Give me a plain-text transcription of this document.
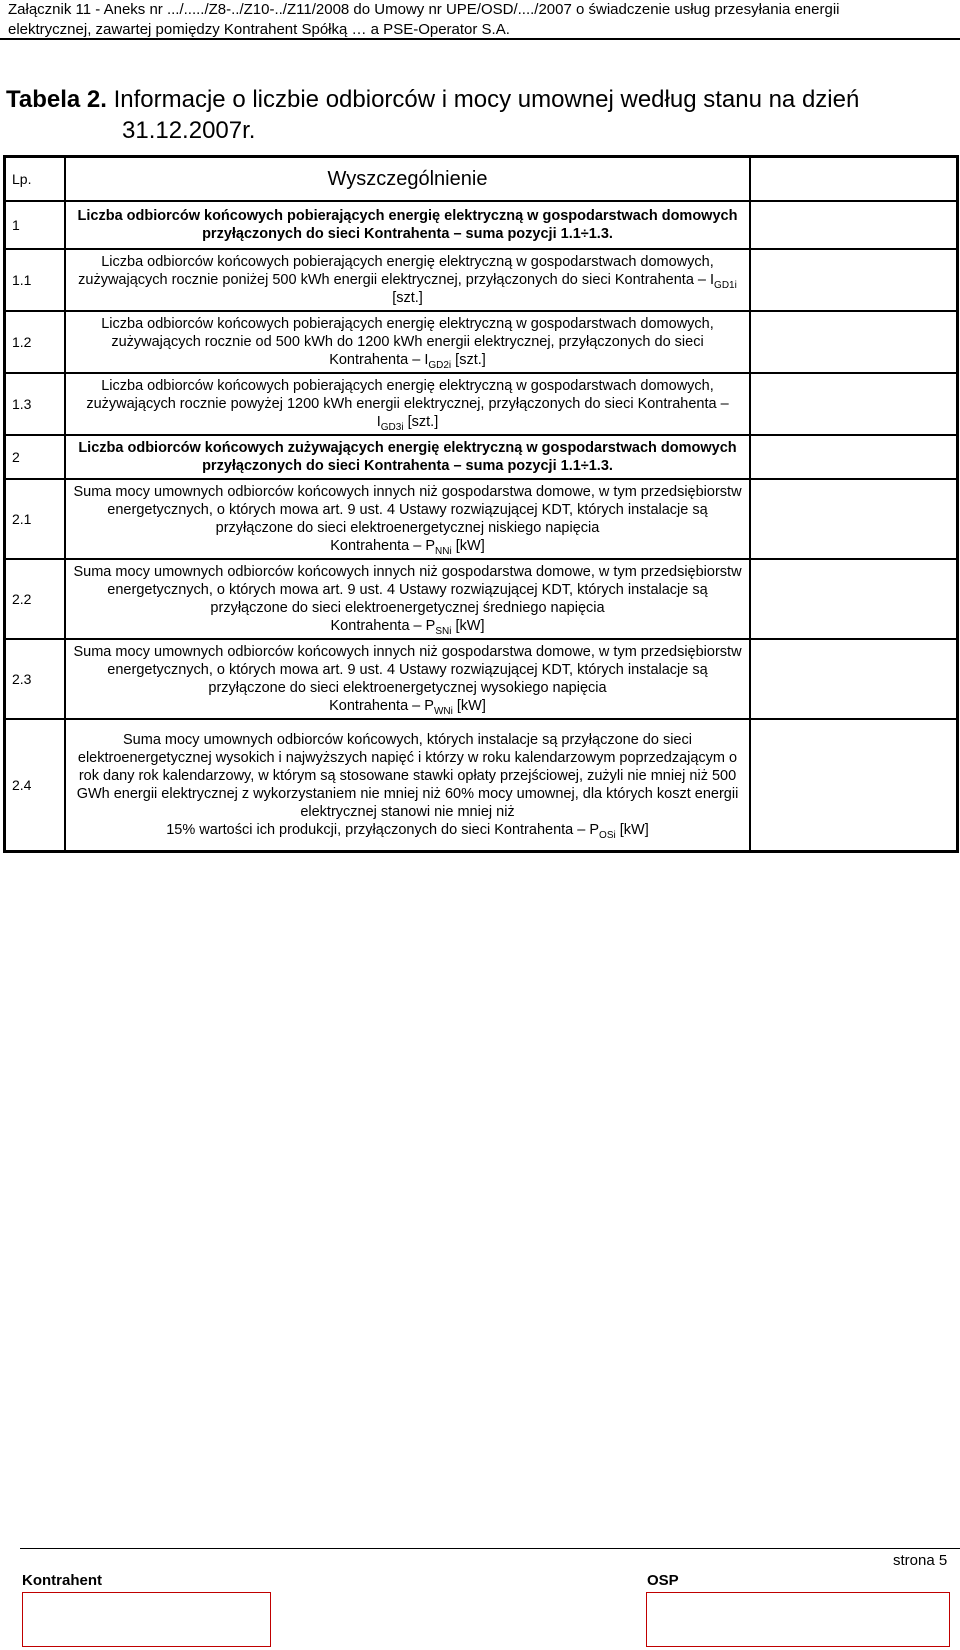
Załącznik 11 - Aneks nr .../...../Z8-../Z10-../Z11/2008 do Umowy nr UPE/OSD/..../2007 o świadczenie usług przesyłania energii
elektrycznej, zawartej pomiędzy Kontrahent Spółką … a PSE-Operator S.A.
Tabela 2. Informacje o liczbie odbiorców i mocy umownej według stanu na dzień
31.12.2007r.
Lp.	Wyszczególnienie	
1	Liczba odbiorców końcowych pobierających energię elektryczną w gospodarstwach domowych przyłączonych do sieci Kontrahenta – suma pozycji 1.1÷1.3.	
1.1	Liczba odbiorców końcowych pobierających energię elektryczną w gospodarstwach domowych, zużywających rocznie poniżej 500 kWh energii elektrycznej, przyłączonych do sieci Kontrahenta – $I_{GD1i}$ [szt.]	
1.2	Liczba odbiorców końcowych pobierających energię elektryczną w gospodarstwach domowych, zużywających rocznie od 500 kWh do 1200 kWh energii elektrycznej, przyłączonych do sieci Kontrahenta – $I_{GD2i}$ [szt.]	
1.3	Liczba odbiorców końcowych pobierających energię elektryczną w gospodarstwach domowych, zużywających rocznie powyżej 1200 kWh energii elektrycznej, przyłączonych do sieci Kontrahenta – $I_{GD3i}$ [szt.]	
2	Liczba odbiorców końcowych zużywających energię elektryczną w gospodarstwach domowych przyłączonych do sieci Kontrahenta – suma pozycji 1.1÷1.3.	
2.1	Suma mocy umownych odbiorców końcowych innych niż gospodarstwa domowe, w tym przedsiębiorstw energetycznych, o których mowa art. 9 ust. 4 Ustawy rozwiązującej KDT, których instalacje są przyłączone do sieci elektroenergetycznej niskiego napięcia
Kontrahenta – $P_{NNi}$ [kW]	
2.2	Suma mocy umownych odbiorców końcowych innych niż gospodarstwa domowe, w tym przedsiębiorstw energetycznych, o których mowa art. 9 ust. 4 Ustawy rozwiązującej KDT, których instalacje są przyłączone do sieci elektroenergetycznej średniego napięcia
Kontrahenta – $P_{SNi}$ [kW]	
2.3	Suma mocy umownych odbiorców końcowych innych niż gospodarstwa domowe, w tym przedsiębiorstw energetycznych, o których mowa art. 9 ust. 4 Ustawy rozwiązującej KDT, których instalacje są przyłączone do sieci elektroenergetycznej wysokiego napięcia
Kontrahenta – $P_{WNi}$ [kW]	
2.4	Suma mocy umownych odbiorców końcowych, których instalacje są przyłączone do sieci elektroenergetycznej wysokich i najwyższych napięć i którzy w roku kalendarzowym poprzedzającym o rok dany rok kalendarzowy, w którym są stosowane stawki opłaty przejściowej, zużyli nie mniej niż 500 GWh energii elektrycznej z wykorzystaniem nie mniej niż 60% mocy umownej, dla których koszt energii elektrycznej stanowi nie mniej niż
15% wartości ich produkcji, przyłączonych do sieci Kontrahenta – $P_{OSi}$ [kW]	
strona 5
Kontrahent	OSP
